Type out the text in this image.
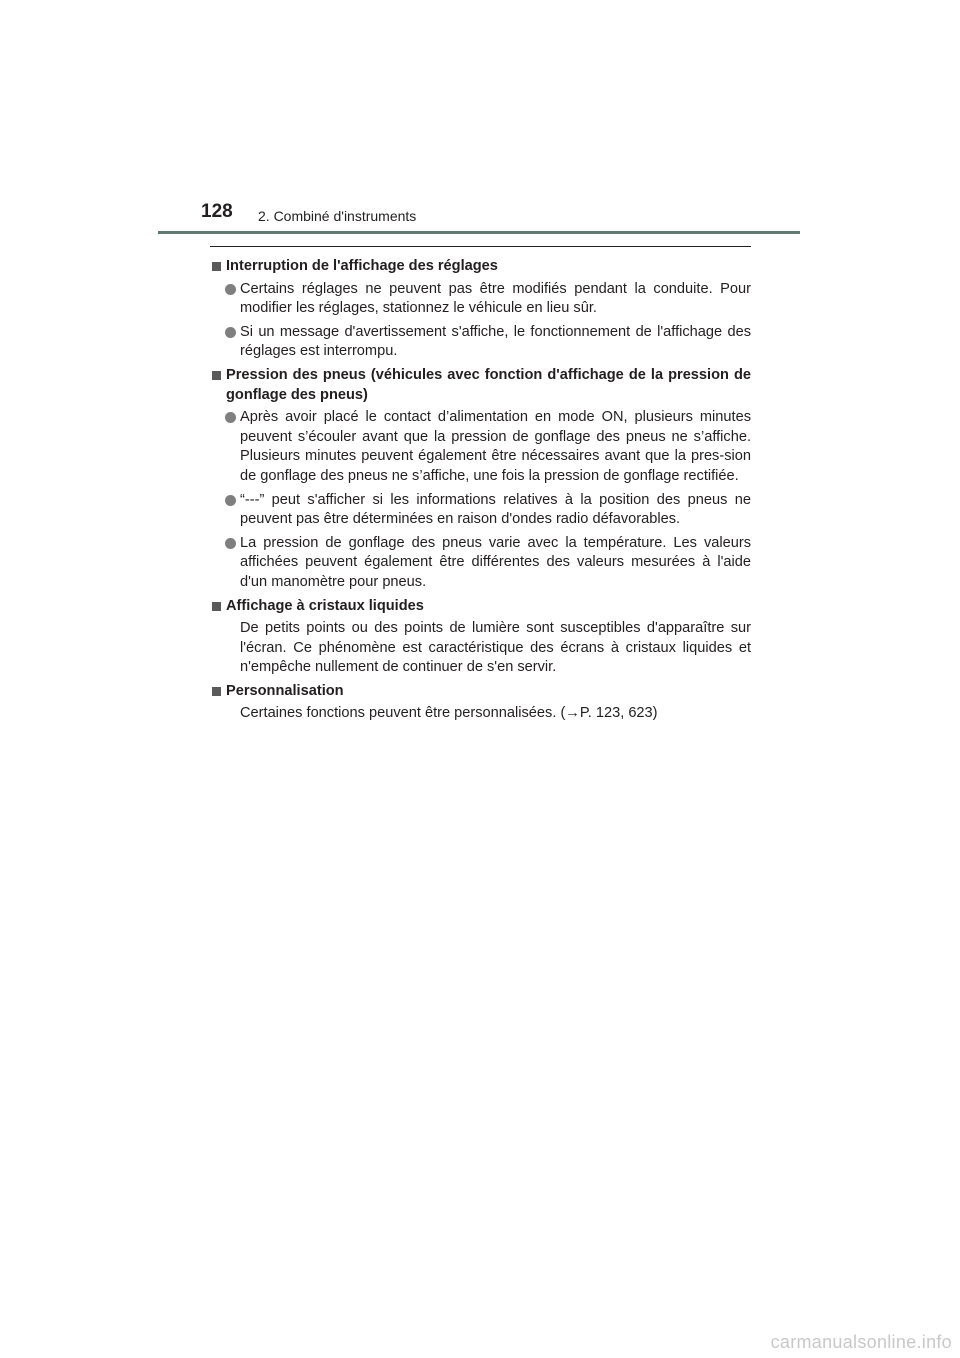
128 2. Combiné d'instruments
Interruption de l'affichage des réglages
Certains réglages ne peuvent pas être modifiés pendant la conduite. Pour modifier les réglages, stationnez le véhicule en lieu sûr.
Si un message d'avertissement s'affiche, le fonctionnement de l'affichage des réglages est interrompu.
Pression des pneus (véhicules avec fonction d'affichage de la pression de gonflage des pneus)
Après avoir placé le contact d’alimentation en mode ON, plusieurs minutes peuvent s’écouler avant que la pression de gonflage des pneus ne s’affiche. Plusieurs minutes peuvent également être nécessaires avant que la pres-sion de gonflage des pneus ne s’affiche, une fois la pression de gonflage rectifiée.
“---” peut s'afficher si les informations relatives à la position des pneus ne peuvent pas être déterminées en raison d'ondes radio défavorables.
La pression de gonflage des pneus varie avec la température. Les valeurs affichées peuvent également être différentes des valeurs mesurées à l'aide d'un manomètre pour pneus.
Affichage à cristaux liquides
De petits points ou des points de lumière sont susceptibles d'apparaître sur l'écran. Ce phénomène est caractéristique des écrans à cristaux liquides et n'empêche nullement de continuer de s'en servir.
Personnalisation
Certaines fonctions peuvent être personnalisées. (→P. 123, 623)
carmanualsonline.info
